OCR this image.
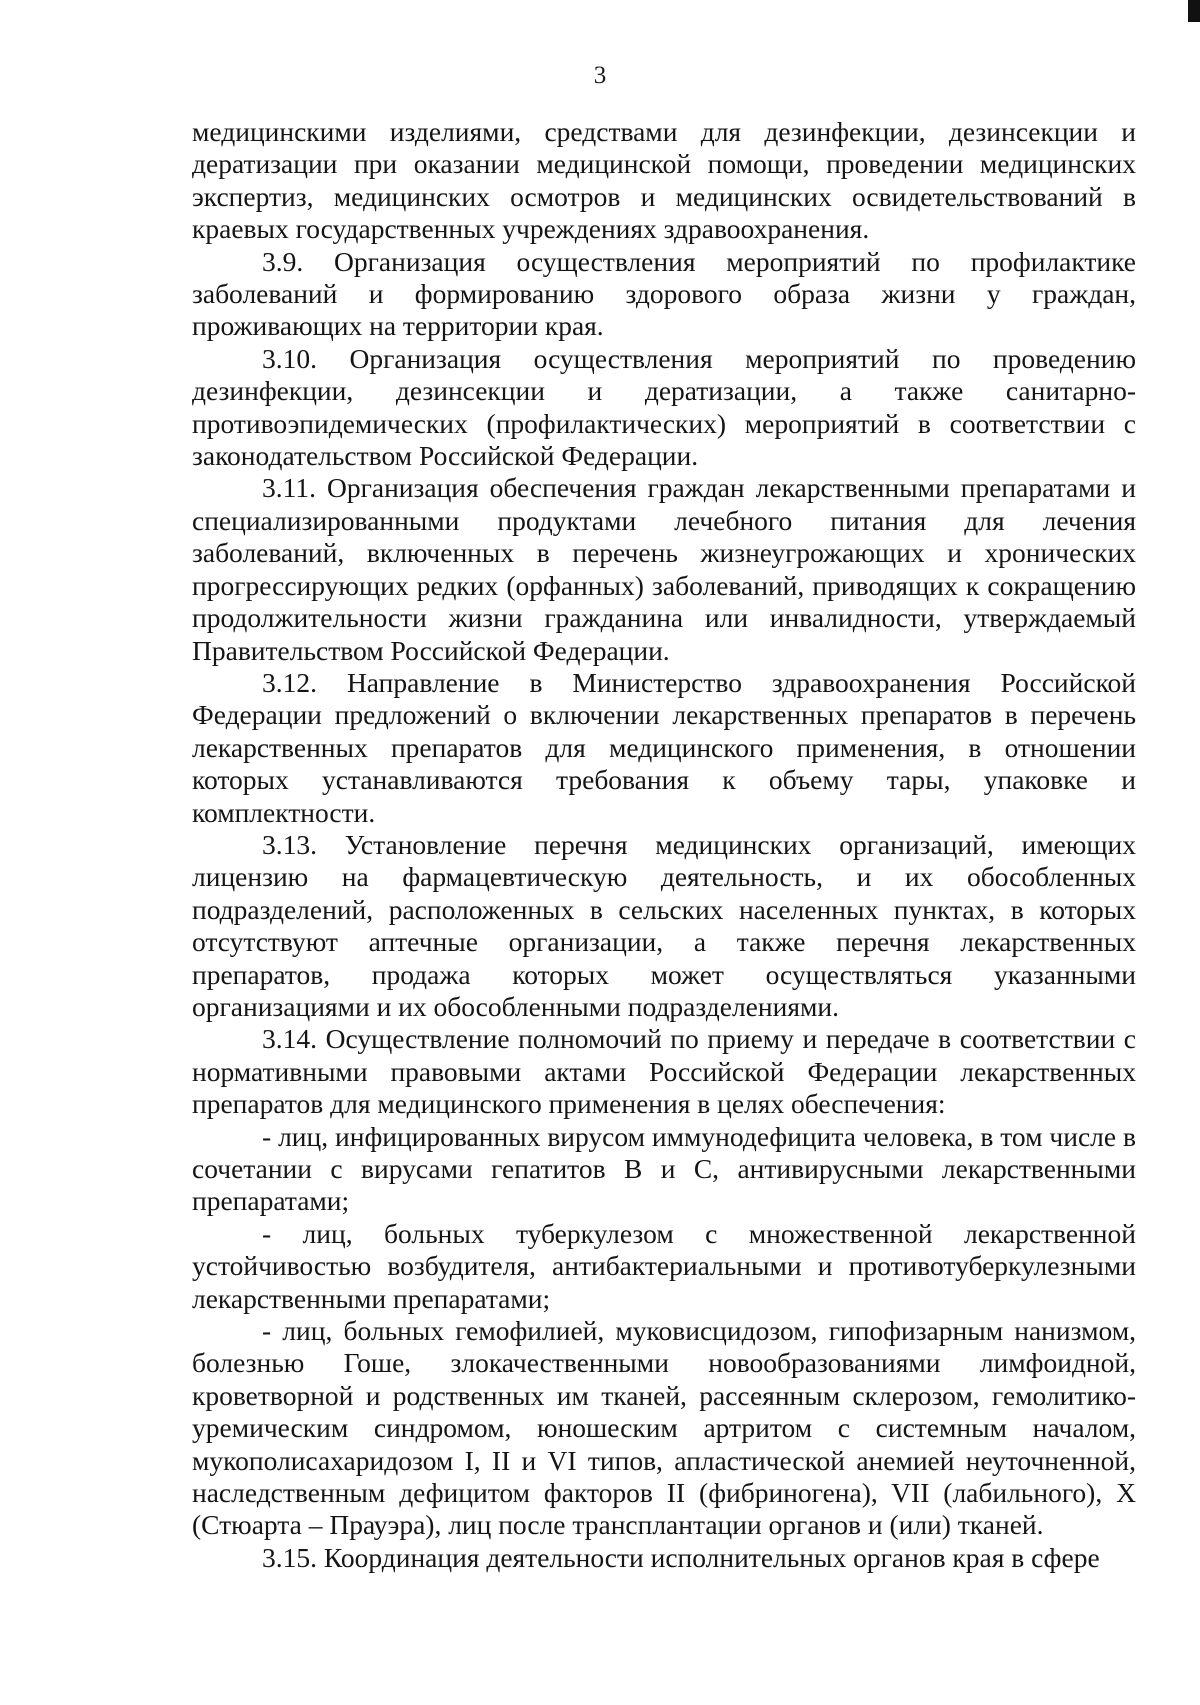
3

медицинскими изделиями, средствами для дезинфекции, дезинсекции и дератизации при оказании медицинской помощи, проведении медицинских экспертиз, медицинских осмотров и медицинских освидетельствований в краевых государственных учреждениях здравоохранения.

3.9. Организация осуществления мероприятий по профилактике заболеваний и формированию здорового образа жизни у граждан, проживающих на территории края.

3.10. Организация осуществления мероприятий по проведению дезинфекции, дезинсекции и дератизации, а также санитарно-противоэпидемических (профилактических) мероприятий в соответствии с законодательством Российской Федерации.

3.11. Организация обеспечения граждан лекарственными препаратами и специализированными продуктами лечебного питания для лечения заболеваний, включенных в перечень жизнеугрожающих и хронических прогрессирующих редких (орфанных) заболеваний, приводящих к сокращению продолжительности жизни гражданина или инвалидности, утверждаемый Правительством Российской Федерации.

3.12. Направление в Министерство здравоохранения Российской Федерации предложений о включении лекарственных препаратов в перечень лекарственных препаратов для медицинского применения, в отношении которых устанавливаются требования к объему тары, упаковке и комплектности.

3.13. Установление перечня медицинских организаций, имеющих лицензию на фармацевтическую деятельность, и их обособленных подразделений, расположенных в сельских населенных пунктах, в которых отсутствуют аптечные организации, а также перечня лекарственных препаратов, продажа которых может осуществляться указанными организациями и их обособленными подразделениями.

3.14. Осуществление полномочий по приему и передаче в соответствии с нормативными правовыми актами Российской Федерации лекарственных препаратов для медицинского применения в целях обеспечения:

- лиц, инфицированных вирусом иммунодефицита человека, в том числе в сочетании с вирусами гепатитов B и C, антивирусными лекарственными препаратами;

- лиц, больных туберкулезом с множественной лекарственной устойчивостью возбудителя, антибактериальными и противотуберкулезными лекарственными препаратами;

- лиц, больных гемофилией, муковисцидозом, гипофизарным нанизмом, болезнью Гоше, злокачественными новообразованиями лимфоидной, кроветворной и родственных им тканей, рассеянным склерозом, гемолитико-уремическим синдромом, юношеским артритом с системным началом, мукополисахаридозом I, II и VI типов, апластической анемией неуточненной, наследственным дефицитом факторов II (фибриногена), VII (лабильного), X (Стюарта – Прауэра), лиц после трансплантации органов и (или) тканей.

3.15. Координация деятельности исполнительных органов края в сфере
